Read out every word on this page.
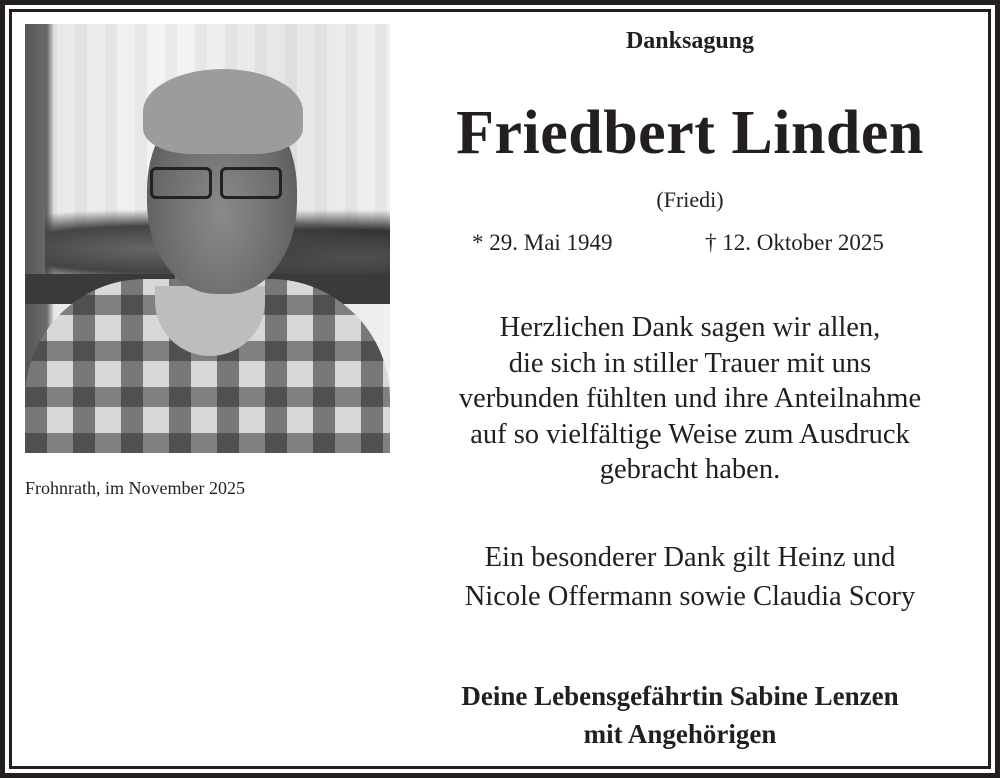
Frohnrath, im November 2025
Danksagung
Friedbert Linden
(Friedi)
* 29. Mai 1949	† 12. Oktober 2025
Herzlichen Dank sagen wir allen,
die sich in stiller Trauer mit uns
verbunden fühlten und ihre Anteilnahme
auf so vielfältige Weise zum Ausdruck
gebracht haben.
Ein besonderer Dank gilt Heinz und
Nicole Offermann sowie Claudia Scory
Deine Lebensgefährtin Sabine Lenzen
mit Angehörigen
